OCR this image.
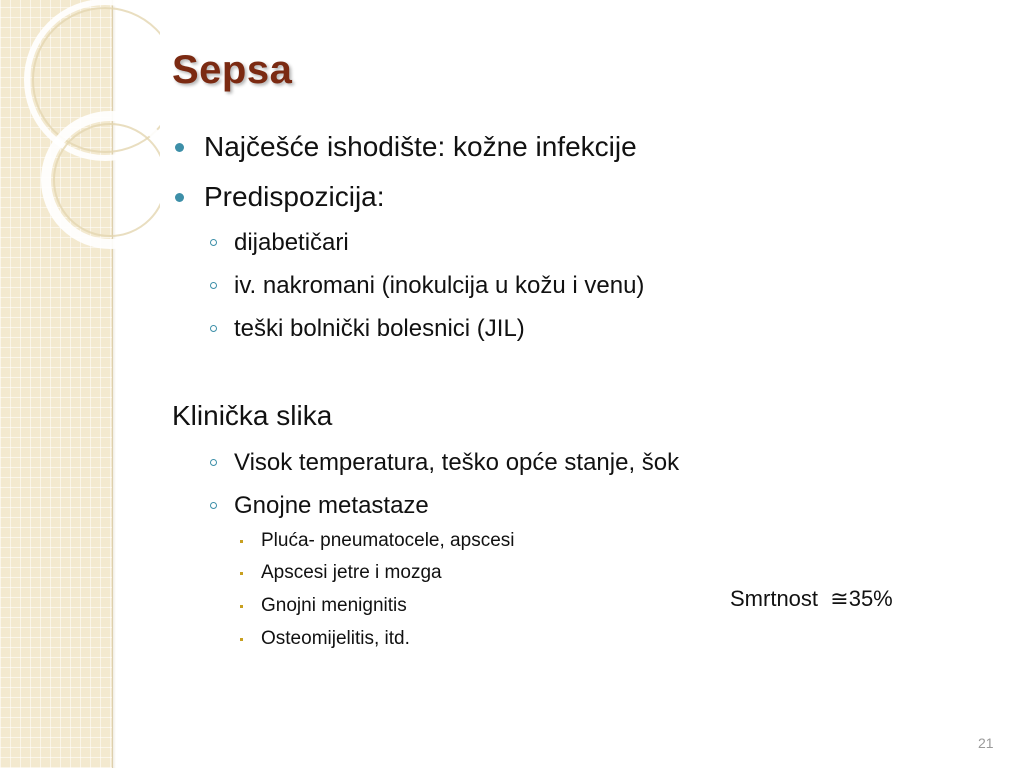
Sepsa
Najčešće ishodište: kožne infekcije
Predispozicija:
dijabetičari
iv. nakromani (inokulcija u kožu i venu)
teški bolnički bolesnici (JIL)
Klinička slika
Visok temperatura, teško opće stanje, šok
Gnojne metastaze
Pluća- pneumatocele, apscesi
Apscesi jetre i mozga
Gnojni menignitis
Osteomijelitis, itd.
Smrtnost ≅35%
21
